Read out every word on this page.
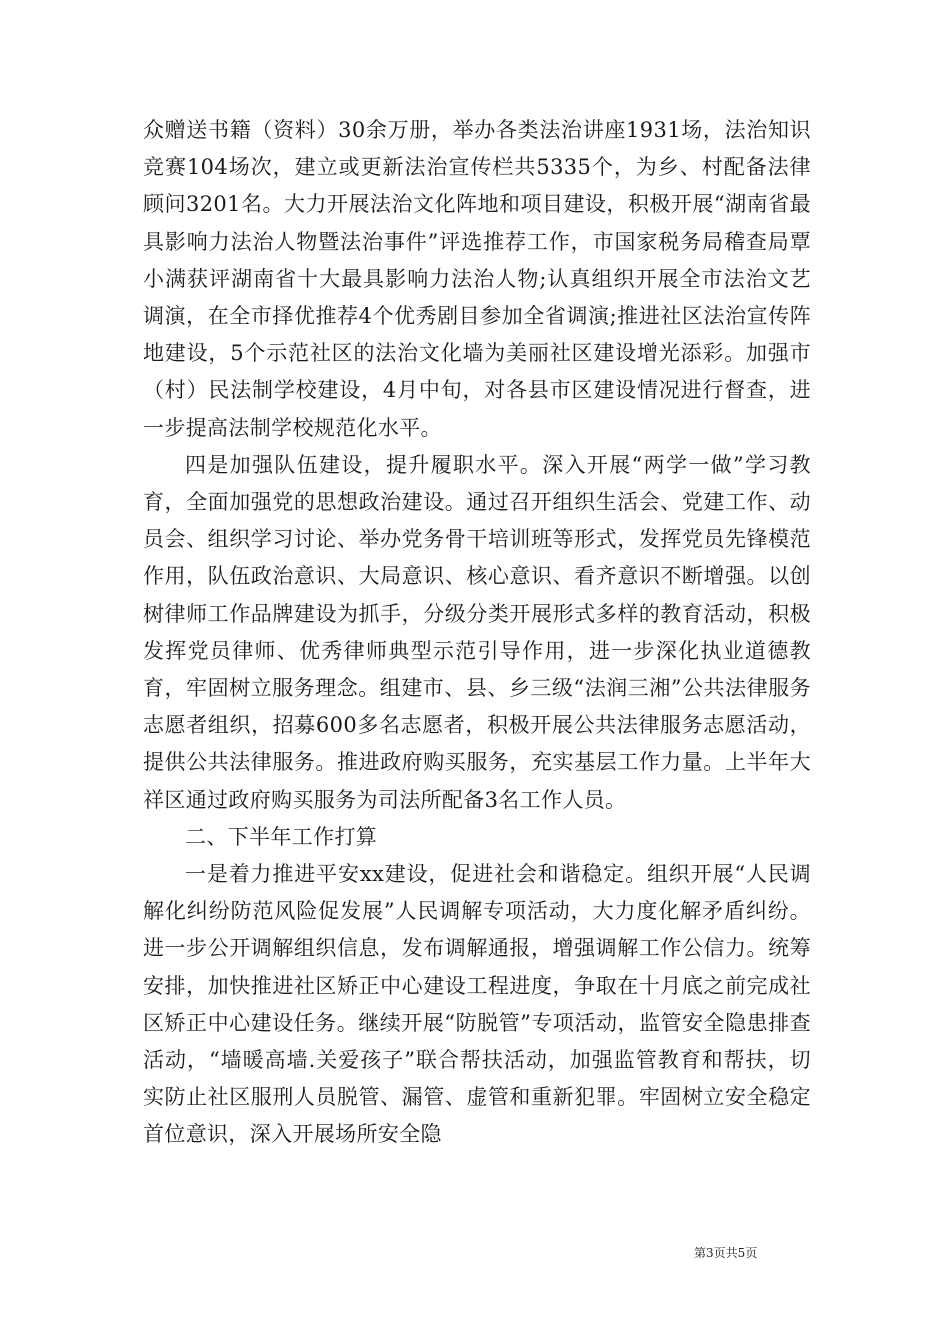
众赠送书籍（资料）30余万册，举办各类法治讲座1931场，法治知识竞赛104场次，建立或更新法治宣传栏共5335个，为乡、村配备法律顾问3201名。大力开展法治文化阵地和项目建设，积极开展“湖南省最具影响力法治人物暨法治事件”评选推荐工作，市国家税务局稽查局覃小满获评湖南省十大最具影响力法治人物;认真组织开展全市法治文艺调演，在全市择优推荐4个优秀剧目参加全省调演;推进社区法治宣传阵地建设，5个示范社区的法治文化墙为美丽社区建设增光添彩。加强市（村）民法制学校建设，4月中旬，对各县市区建设情况进行督查，进一步提高法制学校规范化水平。

四是加强队伍建设，提升履职水平。深入开展“两学一做”学习教育，全面加强党的思想政治建设。通过召开组织生活会、党建工作、动员会、组织学习讨论、举办党务骨干培训班等形式，发挥党员先锋模范作用，队伍政治意识、大局意识、核心意识、看齐意识不断增强。以创树律师工作品牌建设为抓手，分级分类开展形式多样的教育活动，积极发挥党员律师、优秀律师典型示范引导作用，进一步深化执业道德教育，牢固树立服务理念。组建市、县、乡三级“法润三湘”公共法律服务志愿者组织，招募600多名志愿者，积极开展公共法律服务志愿活动，提供公共法律服务。推进政府购买服务，充实基层工作力量。上半年大祥区通过政府购买服务为司法所配备3名工作人员。

二、下半年工作打算

一是着力推进平安xx建设，促进社会和谐稳定。组织开展“人民调解化纠纷防范风险促发展”人民调解专项活动，大力度化解矛盾纠纷。进一步公开调解组织信息，发布调解通报，增强调解工作公信力。统筹安排，加快推进社区矫正中心建设工程进度，争取在十月底之前完成社区矫正中心建设任务。继续开展“防脱管”专项活动，监管安全隐患排查活动，“墙暖高墙.关爱孩子”联合帮扶活动，加强监管教育和帮扶，切实防止社区服刑人员脱管、漏管、虚管和重新犯罪。牢固树立安全稳定首位意识，深入开展场所安全隐

第3页共5页
